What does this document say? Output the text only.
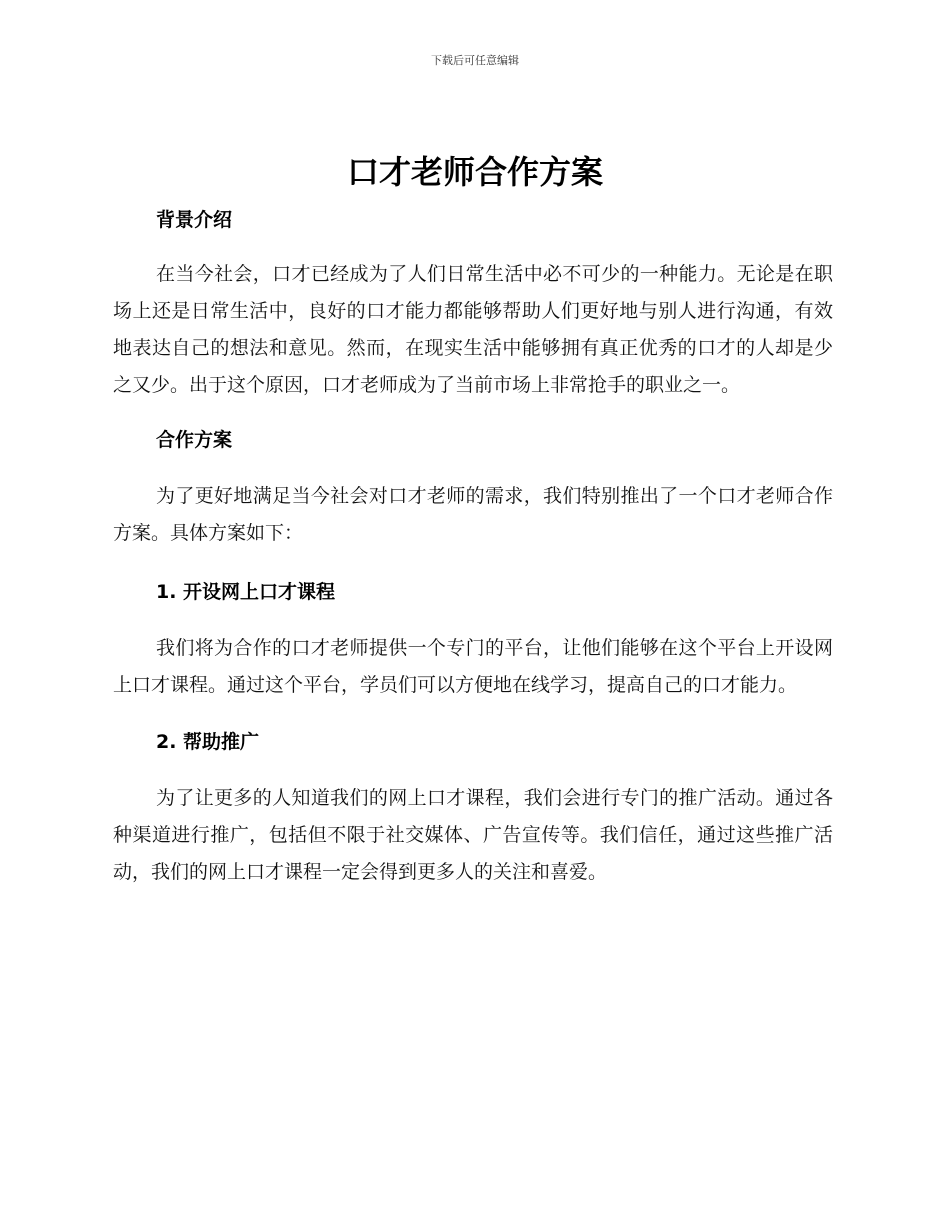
下载后可任意编辑
口才老师合作方案
背景介绍

在当今社会，口才已经成为了人们日常生活中必不可少的一种能力。无论是在职场上还是日常生活中，良好的口才能力都能够帮助人们更好地与别人进行沟通，有效地表达自己的想法和意见。然而，在现实生活中能够拥有真正优秀的口才的人却是少之又少。出于这个原因，口才老师成为了当前市场上非常抢手的职业之一。

合作方案

为了更好地满足当今社会对口才老师的需求，我们特别推出了一个口才老师合作方案。具体方案如下：

1. 开设网上口才课程

我们将为合作的口才老师提供一个专门的平台，让他们能够在这个平台上开设网上口才课程。通过这个平台，学员们可以方便地在线学习，提高自己的口才能力。

2. 帮助推广

为了让更多的人知道我们的网上口才课程，我们会进行专门的推广活动。通过各种渠道进行推广，包括但不限于社交媒体、广告宣传等。我们信任，通过这些推广活动，我们的网上口才课程一定会得到更多人的关注和喜爱。
